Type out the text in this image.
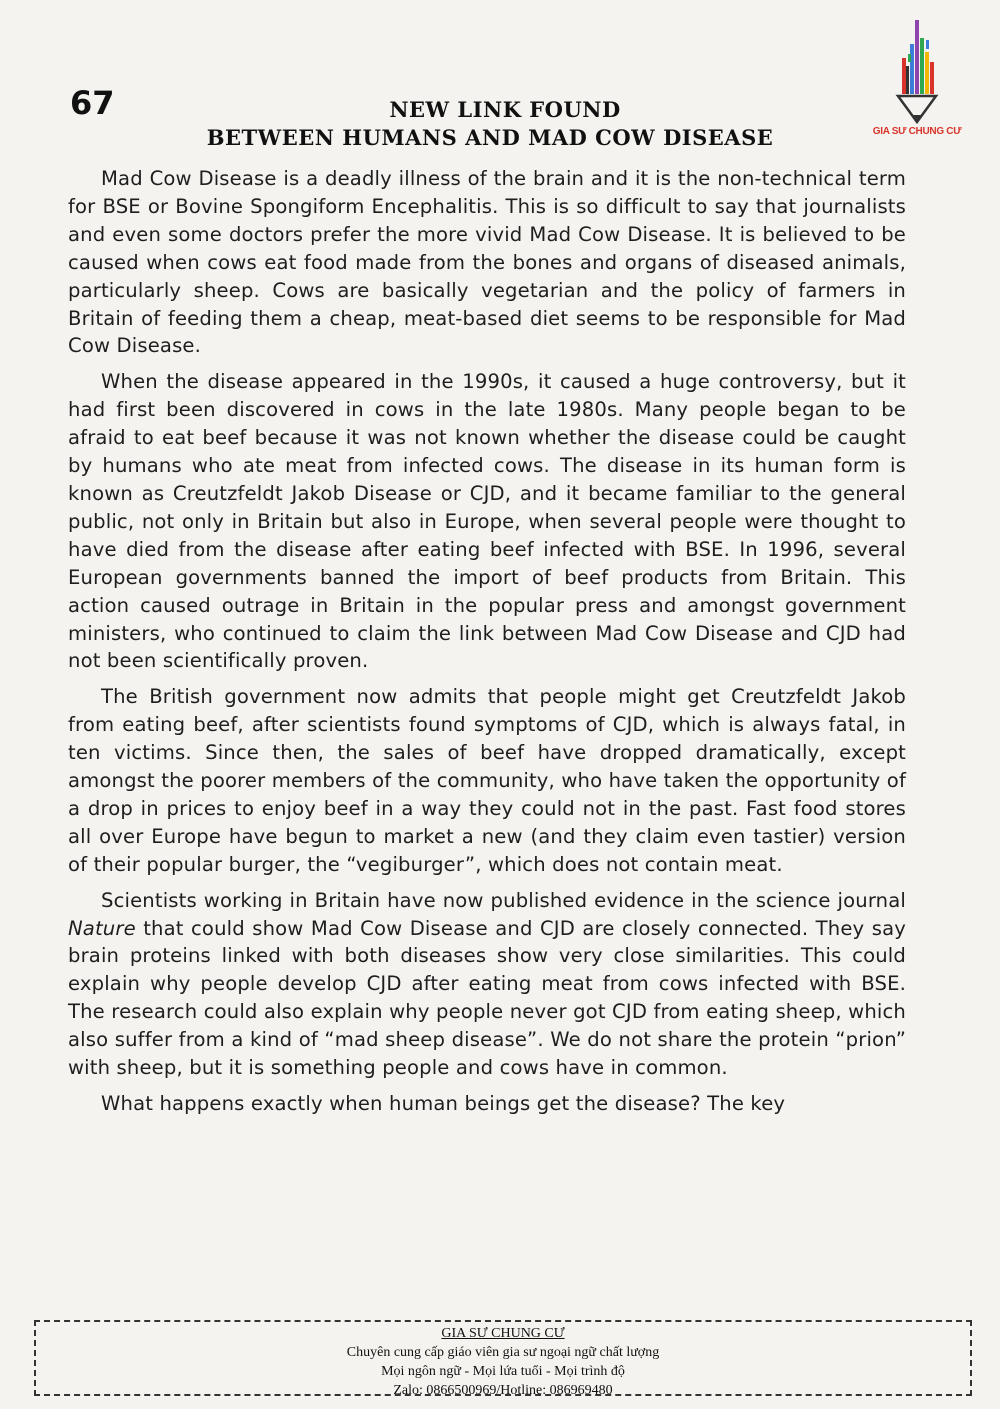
67	NEW LINK FOUND
BETWEEN HUMANS AND MAD COW DISEASE	GIA SƯ CHUNG CƯ

Mad Cow Disease is a deadly illness of the brain and it is the non-technical term for BSE or Bovine Spongiform Encephalitis. This is so difficult to say that journalists and even some doctors prefer the more vivid Mad Cow Disease. It is believed to be caused when cows eat food made from the bones and organs of diseased animals, particularly sheep. Cows are basically vegetarian and the policy of farmers in Britain of feeding them a cheap, meat-based diet seems to be responsible for Mad Cow Disease.

When the disease appeared in the 1990s, it caused a huge controversy, but it had first been discovered in cows in the late 1980s. Many people began to be afraid to eat beef because it was not known whether the disease could be caught by humans who ate meat from infected cows. The disease in its human form is known as Creutzfeldt Jakob Disease or CJD, and it became familiar to the general public, not only in Britain but also in Europe, when several people were thought to have died from the disease after eating beef infected with BSE. In 1996, several European governments banned the import of beef products from Britain. This action caused outrage in Britain in the popular press and amongst government ministers, who continued to claim the link between Mad Cow Disease and CJD had not been scientifically proven.

The British government now admits that people might get Creutzfeldt Jakob from eating beef, after scientists found symptoms of CJD, which is always fatal, in ten victims. Since then, the sales of beef have dropped dramatically, except amongst the poorer members of the community, who have taken the opportunity of a drop in prices to enjoy beef in a way they could not in the past. Fast food stores all over Europe have begun to market a new (and they claim even tastier) version of their popular burger, the “vegiburger”, which does not contain meat.

Scientists working in Britain have now published evidence in the science journal Nature that could show Mad Cow Disease and CJD are closely connected. They say brain proteins linked with both diseases show very close similarities. This could explain why people develop CJD after eating meat from cows infected with BSE. The research could also explain why people never got CJD from eating sheep, which also suffer from a kind of “mad sheep disease”. We do not share the protein “prion” with sheep, but it is something people and cows have in common.

What happens exactly when human beings get the disease? The key

GIA SƯ CHUNG CƯ
Chuyên cung cấp giáo viên gia sư ngoại ngữ chất lượng
Mọi ngôn ngữ - Mọi lứa tuổi - Mọi trình độ
Zalo: 0866500969/Hotline: 086969480
